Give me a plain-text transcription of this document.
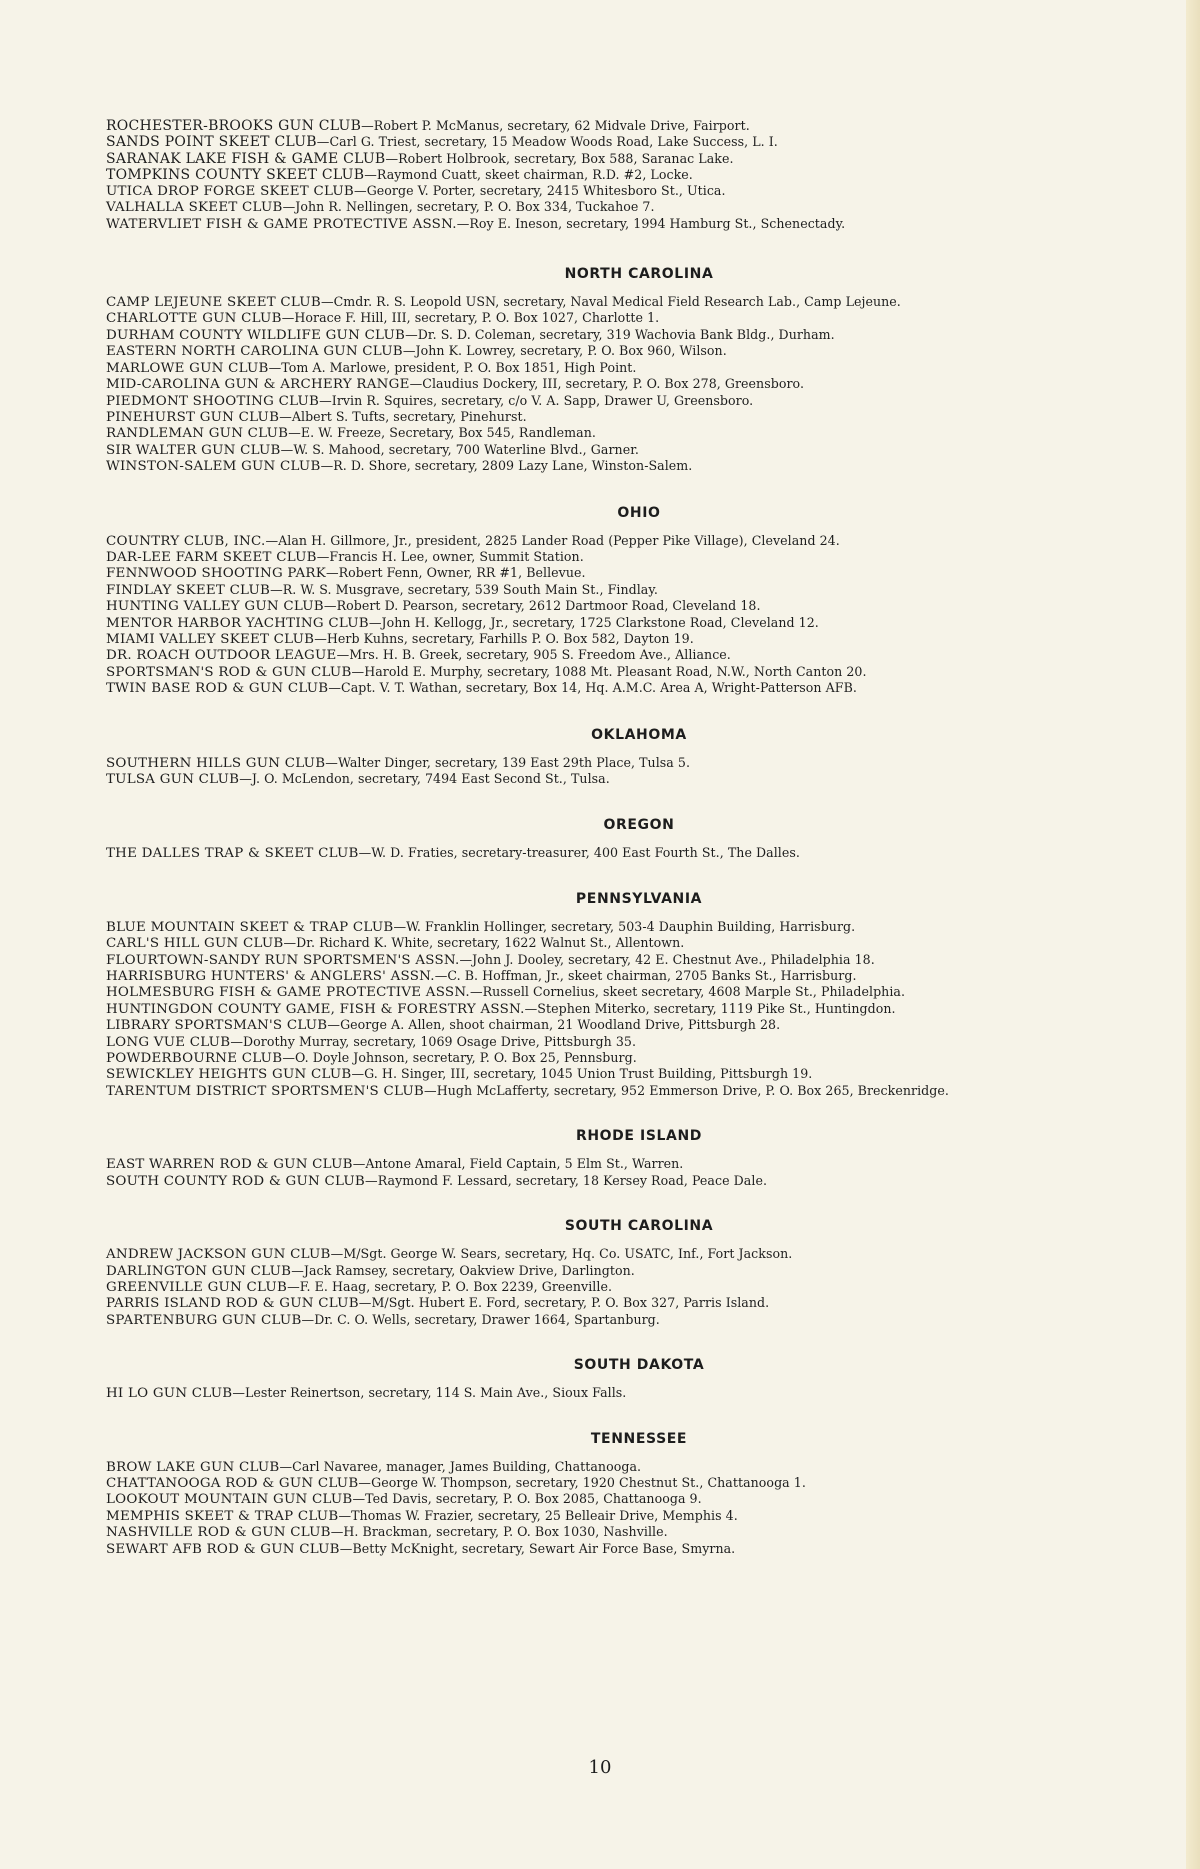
ROCHESTER-BROOKS GUN CLUB—Robert P. McManus, secretary, 62 Midvale Drive, Fairport.
SANDS POINT SKEET CLUB—Carl G. Triest, secretary, 15 Meadow Woods Road, Lake Success, L. I.
SARANAK LAKE FISH & GAME CLUB—Robert Holbrook, secretary, Box 588, Saranac Lake.
TOMPKINS COUNTY SKEET CLUB—Raymond Cuatt, skeet chairman, R.D. #2, Locke.
UTICA DROP FORGE SKEET CLUB—George V. Porter, secretary, 2415 Whitesboro St., Utica.
VALHALLA SKEET CLUB—John R. Nellingen, secretary, P. O. Box 334, Tuckahoe 7.
WATERVLIET FISH & GAME PROTECTIVE ASSN.—Roy E. Ineson, secretary, 1994 Hamburg St., Schenectady.
NORTH CAROLINA
CAMP LEJEUNE SKEET CLUB—Cmdr. R. S. Leopold USN, secretary, Naval Medical Field Research Lab., Camp Lejeune.
CHARLOTTE GUN CLUB—Horace F. Hill, III, secretary, P. O. Box 1027, Charlotte 1.
DURHAM COUNTY WILDLIFE GUN CLUB—Dr. S. D. Coleman, secretary, 319 Wachovia Bank Bldg., Durham.
EASTERN NORTH CAROLINA GUN CLUB—John K. Lowrey, secretary, P. O. Box 960, Wilson.
MARLOWE GUN CLUB—Tom A. Marlowe, president, P. O. Box 1851, High Point.
MID-CAROLINA GUN & ARCHERY RANGE—Claudius Dockery, III, secretary, P. O. Box 278, Greensboro.
PIEDMONT SHOOTING CLUB—Irvin R. Squires, secretary, c/o V. A. Sapp, Drawer U, Greensboro.
PINEHURST GUN CLUB—Albert S. Tufts, secretary, Pinehurst.
RANDLEMAN GUN CLUB—E. W. Freeze, Secretary, Box 545, Randleman.
SIR WALTER GUN CLUB—W. S. Mahood, secretary, 700 Waterline Blvd., Garner.
WINSTON-SALEM GUN CLUB—R. D. Shore, secretary, 2809 Lazy Lane, Winston-Salem.
OHIO
COUNTRY CLUB, INC.—Alan H. Gillmore, Jr., president, 2825 Lander Road (Pepper Pike Village), Cleveland 24.
DAR-LEE FARM SKEET CLUB—Francis H. Lee, owner, Summit Station.
FENNWOOD SHOOTING PARK—Robert Fenn, Owner, RR #1, Bellevue.
FINDLAY SKEET CLUB—R. W. S. Musgrave, secretary, 539 South Main St., Findlay.
HUNTING VALLEY GUN CLUB—Robert D. Pearson, secretary, 2612 Dartmoor Road, Cleveland 18.
MENTOR HARBOR YACHTING CLUB—John H. Kellogg, Jr., secretary, 1725 Clarkstone Road, Cleveland 12.
MIAMI VALLEY SKEET CLUB—Herb Kuhns, secretary, Farhills P. O. Box 582, Dayton 19.
DR. ROACH OUTDOOR LEAGUE—Mrs. H. B. Greek, secretary, 905 S. Freedom Ave., Alliance.
SPORTSMAN'S ROD & GUN CLUB—Harold E. Murphy, secretary, 1088 Mt. Pleasant Road, N.W., North Canton 20.
TWIN BASE ROD & GUN CLUB—Capt. V. T. Wathan, secretary, Box 14, Hq. A.M.C. Area A, Wright-Patterson AFB.
OKLAHOMA
SOUTHERN HILLS GUN CLUB—Walter Dinger, secretary, 139 East 29th Place, Tulsa 5.
TULSA GUN CLUB—J. O. McLendon, secretary, 7494 East Second St., Tulsa.
OREGON
THE DALLES TRAP & SKEET CLUB—W. D. Fraties, secretary-treasurer, 400 East Fourth St., The Dalles.
PENNSYLVANIA
BLUE MOUNTAIN SKEET & TRAP CLUB—W. Franklin Hollinger, secretary, 503-4 Dauphin Building, Harrisburg.
CARL'S HILL GUN CLUB—Dr. Richard K. White, secretary, 1622 Walnut St., Allentown.
FLOURTOWN-SANDY RUN SPORTSMEN'S ASSN.—John J. Dooley, secretary, 42 E. Chestnut Ave., Philadelphia 18.
HARRISBURG HUNTERS' & ANGLERS' ASSN.—C. B. Hoffman, Jr., skeet chairman, 2705 Banks St., Harrisburg.
HOLMESBURG FISH & GAME PROTECTIVE ASSN.—Russell Cornelius, skeet secretary, 4608 Marple St., Philadelphia.
HUNTINGDON COUNTY GAME, FISH & FORESTRY ASSN.—Stephen Miterko, secretary, 1119 Pike St., Huntingdon.
LIBRARY SPORTSMAN'S CLUB—George A. Allen, shoot chairman, 21 Woodland Drive, Pittsburgh 28.
LONG VUE CLUB—Dorothy Murray, secretary, 1069 Osage Drive, Pittsburgh 35.
POWDERBOURNE CLUB—O. Doyle Johnson, secretary, P. O. Box 25, Pennsburg.
SEWICKLEY HEIGHTS GUN CLUB—G. H. Singer, III, secretary, 1045 Union Trust Building, Pittsburgh 19.
TARENTUM DISTRICT SPORTSMEN'S CLUB—Hugh McLafferty, secretary, 952 Emmerson Drive, P. O. Box 265, Breckenridge.
RHODE ISLAND
EAST WARREN ROD & GUN CLUB—Antone Amaral, Field Captain, 5 Elm St., Warren.
SOUTH COUNTY ROD & GUN CLUB—Raymond F. Lessard, secretary, 18 Kersey Road, Peace Dale.
SOUTH CAROLINA
ANDREW JACKSON GUN CLUB—M/Sgt. George W. Sears, secretary, Hq. Co. USATC, Inf., Fort Jackson.
DARLINGTON GUN CLUB—Jack Ramsey, secretary, Oakview Drive, Darlington.
GREENVILLE GUN CLUB—F. E. Haag, secretary, P. O. Box 2239, Greenville.
PARRIS ISLAND ROD & GUN CLUB—M/Sgt. Hubert E. Ford, secretary, P. O. Box 327, Parris Island.
SPARTENBURG GUN CLUB—Dr. C. O. Wells, secretary, Drawer 1664, Spartanburg.
SOUTH DAKOTA
HI LO GUN CLUB—Lester Reinertson, secretary, 114 S. Main Ave., Sioux Falls.
TENNESSEE
BROW LAKE GUN CLUB—Carl Navaree, manager, James Building, Chattanooga.
CHATTANOOGA ROD & GUN CLUB—George W. Thompson, secretary, 1920 Chestnut St., Chattanooga 1.
LOOKOUT MOUNTAIN GUN CLUB—Ted Davis, secretary, P. O. Box 2085, Chattanooga 9.
MEMPHIS SKEET & TRAP CLUB—Thomas W. Frazier, secretary, 25 Belleair Drive, Memphis 4.
NASHVILLE ROD & GUN CLUB—H. Brackman, secretary, P. O. Box 1030, Nashville.
SEWART AFB ROD & GUN CLUB—Betty McKnight, secretary, Sewart Air Force Base, Smyrna.
10
